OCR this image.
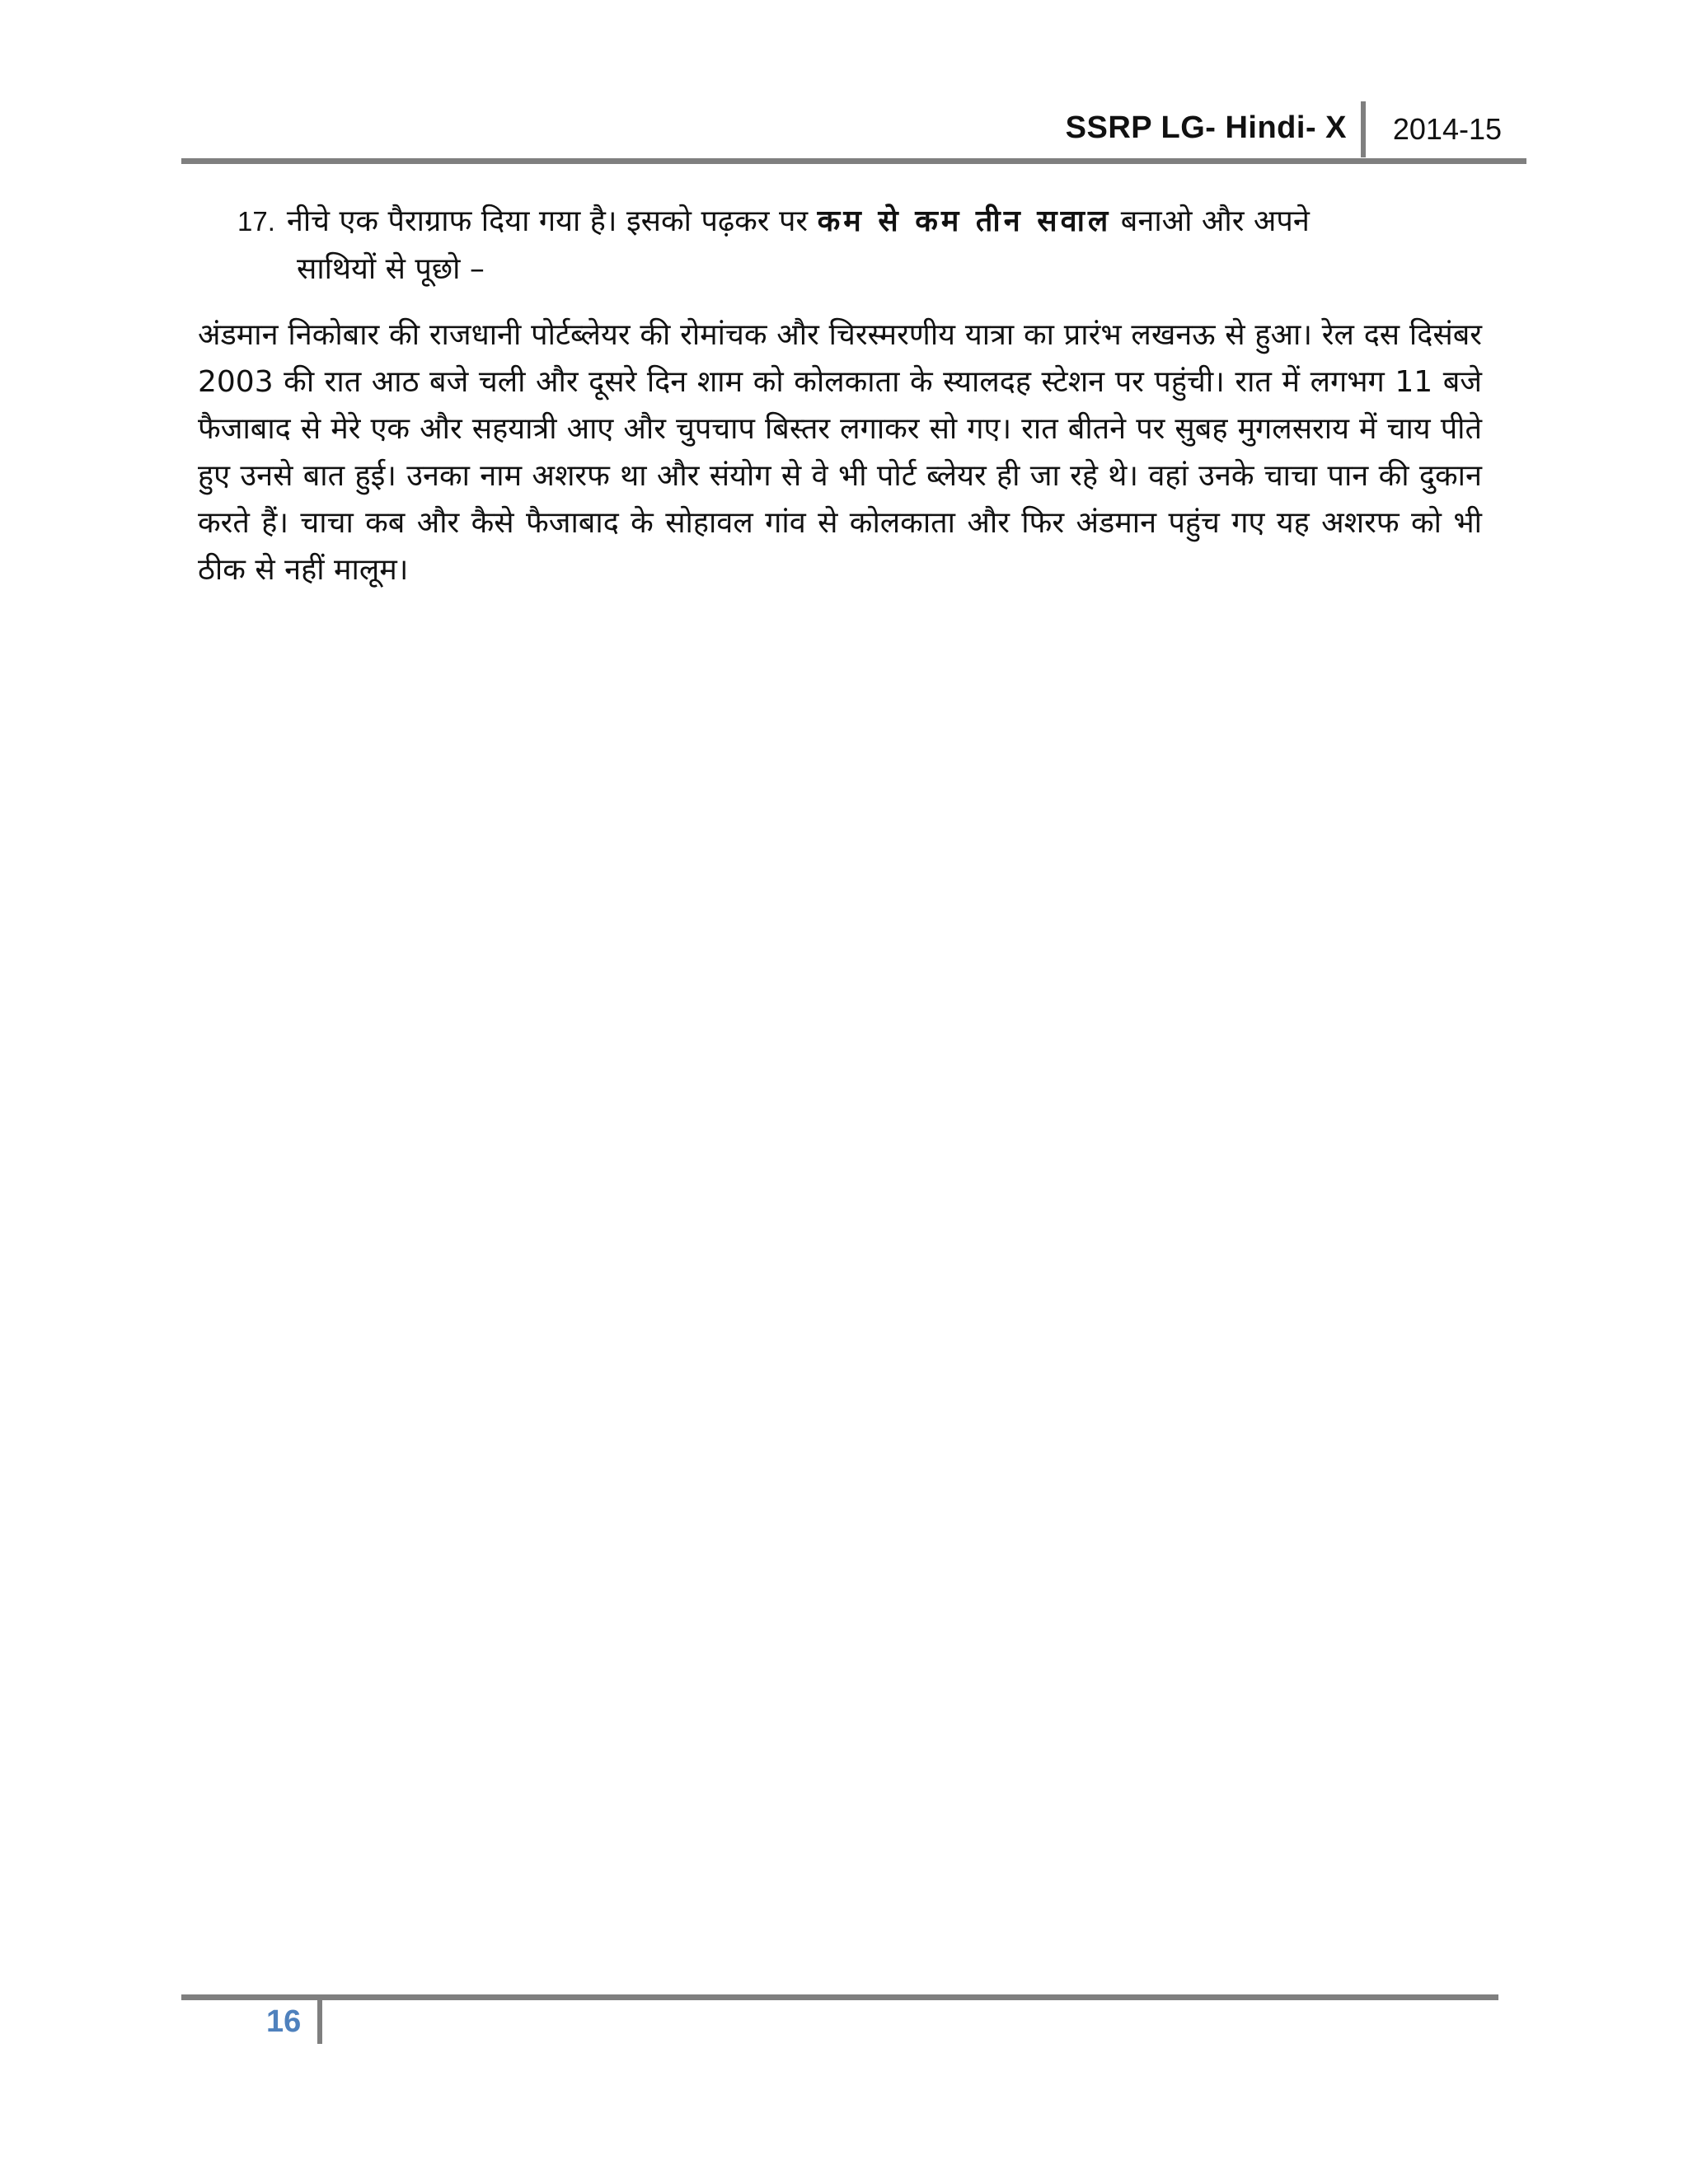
SSRP LG- Hindi- X 2014-15
17. नीचे एक पैराग्राफ दिया गया है। इसको पढ़कर पर कम से कम तीन सवाल बनाओ और अपने
साथियों से पूछो –
अंडमान निकोबार की राजधानी पोर्टब्लेयर की रोमांचक और चिरस्मरणीय यात्रा का प्रारंभ लखनऊ से हुआ। रेल दस दिसंबर 2003 की रात आठ बजे चली और दूसरे दिन शाम को कोलकाता के स्यालदह स्टेशन पर पहुंची। रात में लगभग 11 बजे फैजाबाद से मेरे एक और सहयात्री आए और चुपचाप बिस्तर लगाकर सो गए। रात बीतने पर सुबह मुगलसराय में चाय पीते हुए उनसे बात हुई। उनका नाम अशरफ था और संयोग से वे भी पोर्ट ब्लेयर ही जा रहे थे। वहां उनके चाचा पान की दुकान करते हैं। चाचा कब और कैसे फैजाबाद के सोहावल गांव से कोलकाता और फिर अंडमान पहुंच गए यह अशरफ को भी ठीक से नहीं मालूम।
16
